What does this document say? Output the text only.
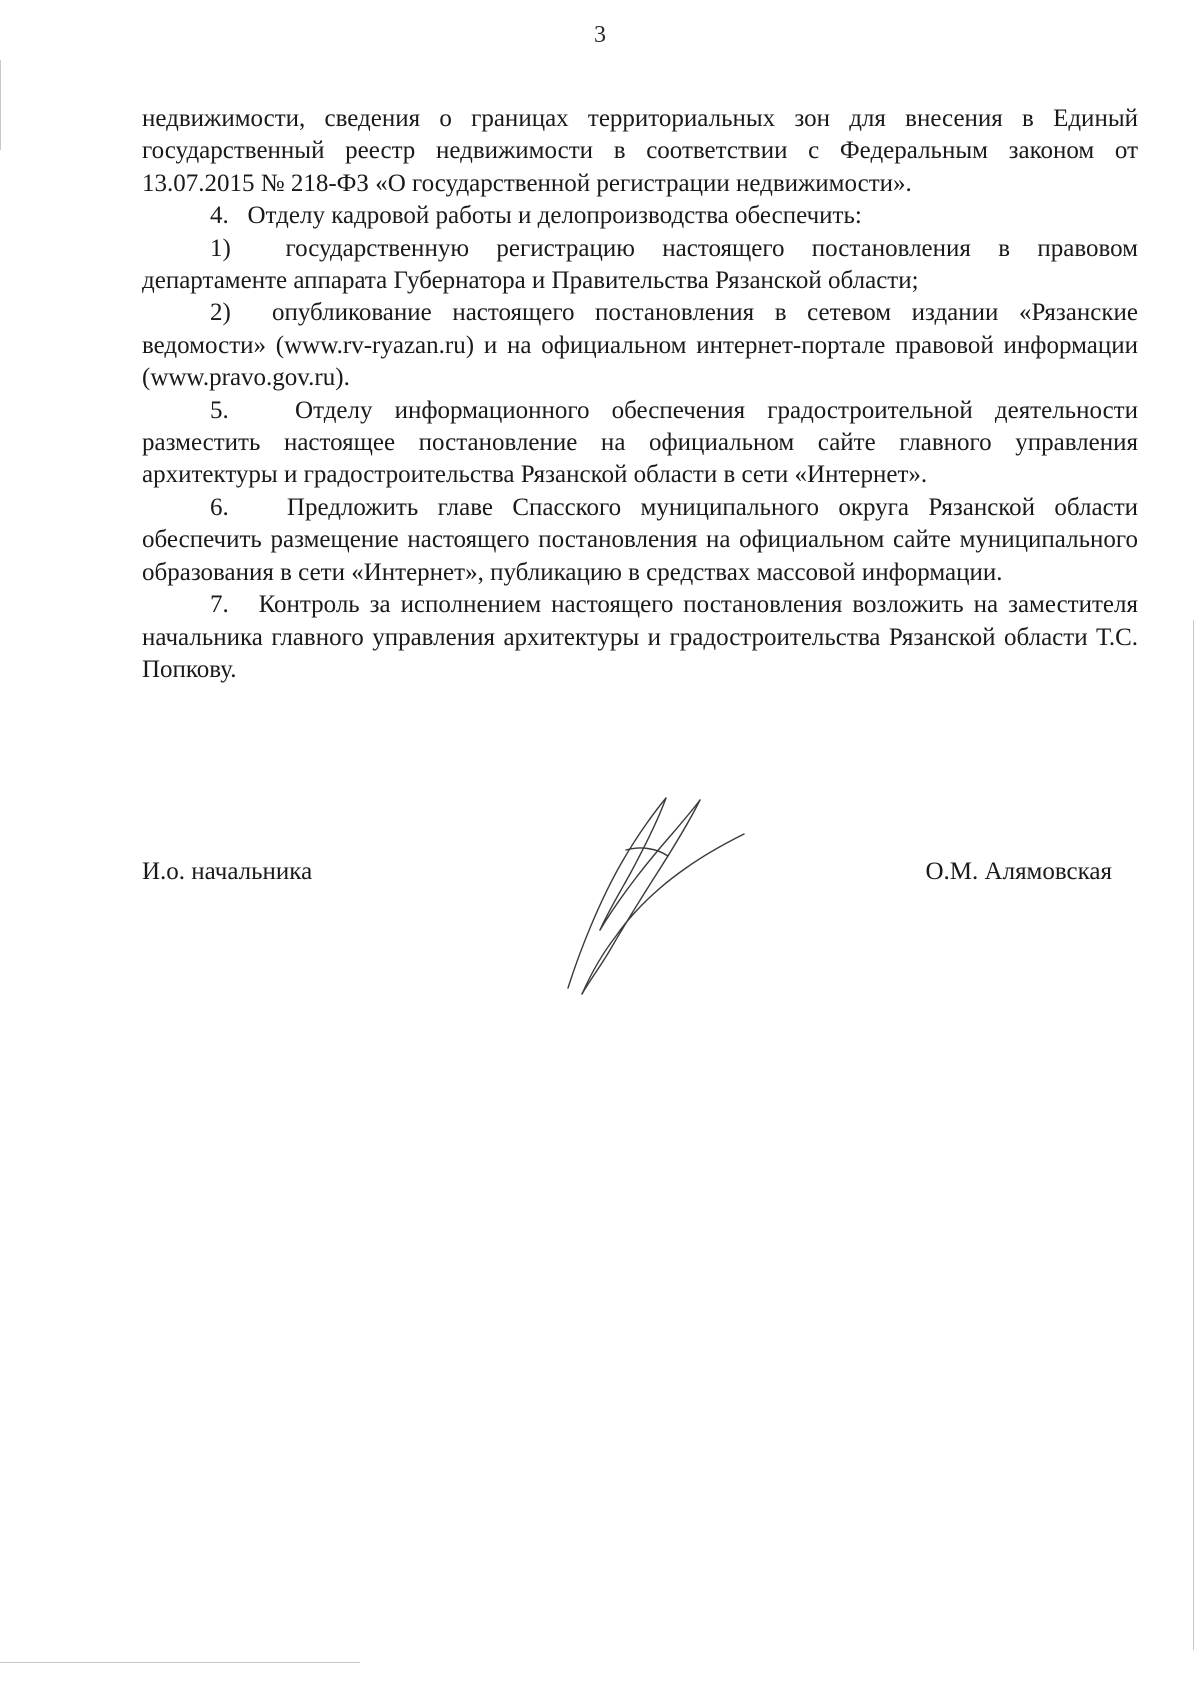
3

недвижимости, сведения о границах территориальных зон для внесения в Единый государственный реестр недвижимости в соответствии с Федеральным законом от 13.07.2015 № 218-ФЗ «О государственной регистрации недвижимости».

4.   Отделу кадровой работы и делопроизводства обеспечить:

1)  государственную регистрацию настоящего постановления в правовом департаменте аппарата Губернатора и Правительства Рязанской области;

2)  опубликование настоящего постановления в сетевом издании «Рязанские ведомости» (www.rv-ryazan.ru) и на официальном интернет-портале правовой информации (www.pravo.gov.ru).

5.   Отделу информационного обеспечения градостроительной деятельности разместить настоящее постановление на официальном сайте главного управления архитектуры и градостроительства Рязанской области в сети «Интернет».

6.   Предложить главе Спасского муниципального округа Рязанской области обеспечить размещение настоящего постановления на официальном сайте муниципального образования в сети «Интернет», публикацию в средствах массовой информации.

7.   Контроль за исполнением настоящего постановления возложить на заместителя начальника главного управления архитектуры и градостроительства Рязанской области Т.С. Попкову.

И.о. начальника	О.М. Алямовская
